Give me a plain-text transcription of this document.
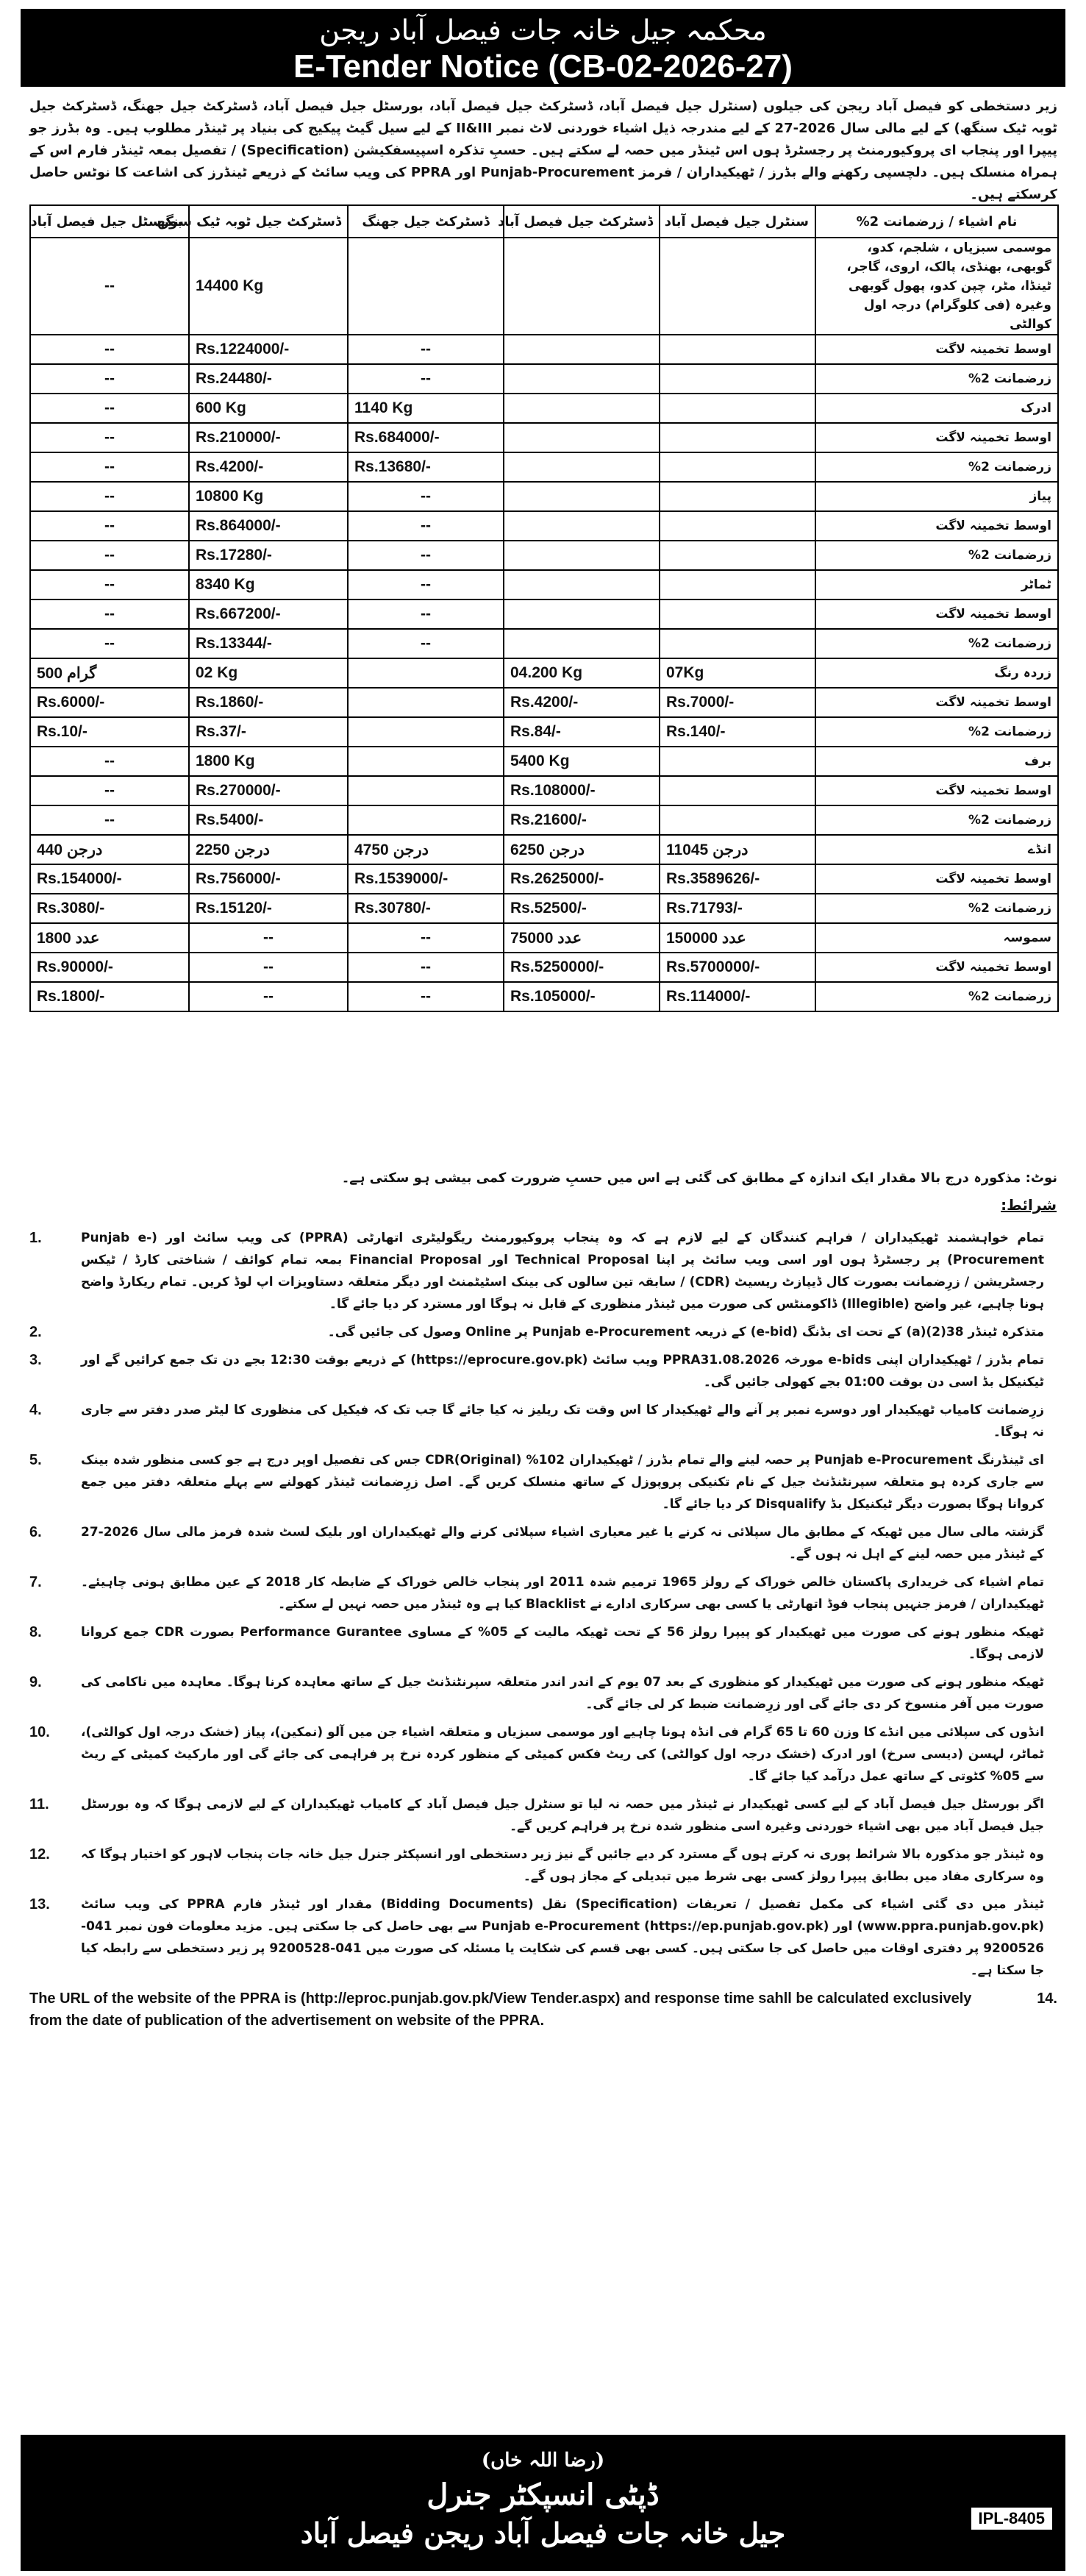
محکمہ جیل خانہ جات فیصل آباد ریجن
E-Tender Notice (CB-02-2026-27)
زیر دستخطی کو فیصل آباد ریجن کی جیلوں (سنٹرل جیل فیصل آباد، ڈسٹرکٹ جیل فیصل آباد، بورسٹل جیل فیصل آباد، ڈسٹرکٹ جیل جھنگ، ڈسٹرکٹ جیل ٹوبہ ٹیک سنگھ) کے لیے مالی سال 2026-27 کے لیے مندرجہ ذیل اشیاء خوردنی لاٹ نمبر II&III کے لیے سیل گیٹ پیکیج کی بنیاد پر ٹینڈر مطلوب ہیں۔ وہ بڈرز جو پیپرا اور پنجاب ای پروکیورمنٹ پر رجسٹرڈ ہوں اس ٹینڈر میں حصہ لے سکتے ہیں۔ حسبِ تذکرہ اسپیسفکیشن (Specification) / تفصیل بمعہ ٹینڈر فارم اس کے ہمراہ منسلک ہیں۔ دلچسپی رکھنے والے بڈرز / ٹھیکیداران / فرمز Punjab-Procurement اور PPRA کی ویب سائٹ کے ذریعے ٹینڈرز کی اشاعت کا نوٹس حاصل کرسکتے ہیں۔
نام اشیاء / زرضمانت 2%	سنٹرل جیل فیصل آباد	ڈسٹرکٹ جیل فیصل آباد	ڈسٹرکٹ جیل جھنگ	ڈسٹرکٹ جیل ٹوبہ ٹیک سنگھ	بورسٹل جیل فیصل آباد
موسمی سبزیاں ، شلجم، کدو، گوبھی، بھنڈی، پالک، اروی، گاجر، ٹینڈا، مٹر، چپن کدو، پھول گوبھی وغیرہ (فی کلوگرام) درجہ اول کوالٹی				14400 Kg	--
اوسط تخمینہ لاگت			--	Rs.1224000/-	--
زرضمانت 2%			--	Rs.24480/-	--
ادرک			1140 Kg	600 Kg	--
اوسط تخمینہ لاگت			Rs.684000/-	Rs.210000/-	--
زرضمانت 2%			Rs.13680/-	Rs.4200/-	--
پیاز			--	10800 Kg	--
اوسط تخمینہ لاگت			--	Rs.864000/-	--
زرضمانت 2%			--	Rs.17280/-	--
ٹماٹر			--	8340 Kg	--
اوسط تخمینہ لاگت			--	Rs.667200/-	--
زرضمانت 2%			--	Rs.13344/-	--
زردہ رنگ	07Kg	04.200 Kg		02 Kg	500 گرام
اوسط تخمینہ لاگت	Rs.7000/-	Rs.4200/-		Rs.1860/-	Rs.6000/-
زرضمانت 2%	Rs.140/-	Rs.84/-		Rs.37/-	Rs.10/-
برف		5400 Kg		1800 Kg	--
اوسط تخمینہ لاگت		Rs.108000/-		Rs.270000/-	--
زرضمانت 2%		Rs.21600/-		Rs.5400/-	--
انڈے	11045 درجن	6250 درجن	4750 درجن	2250 درجن	440 درجن
اوسط تخمینہ لاگت	Rs.3589626/-	Rs.2625000/-	Rs.1539000/-	Rs.756000/-	Rs.154000/-
زرضمانت 2%	Rs.71793/-	Rs.52500/-	Rs.30780/-	Rs.15120/-	Rs.3080/-
سموسہ	150000 عدد	75000 عدد	--	--	1800 عدد
اوسط تخمینہ لاگت	Rs.5700000/-	Rs.5250000/-	--	--	Rs.90000/-
زرضمانت 2%	Rs.114000/-	Rs.105000/-	--	--	Rs.1800/-
نوٹ: مذکورہ درج بالا مقدار ایک اندازہ کے مطابق کی گئی ہے اس میں حسبِ ضرورت کمی بیشی ہو سکتی ہے۔
شرائط:
تمام خواہشمند ٹھیکیداران / فراہم کنندگان کے لیے لازم ہے کہ وہ پنجاب پروکیورمنٹ ریگولیٹری اتھارٹی (PPRA) کی ویب سائٹ اور (Punjab e-Procurement) پر رجسٹرڈ ہوں اور اسی ویب سائٹ پر اپنا Technical Proposal اور Financial Proposal بمعہ تمام کوائف / شناختی کارڈ / ٹیکس رجسٹریشن / زرِضمانت بصورت کال ڈیپازٹ ریسیٹ (CDR) / سابقہ تین سالوں کی بینک اسٹیٹمنٹ اور دیگر متعلقہ دستاویزات اپ لوڈ کریں۔ تمام ریکارڈ واضح ہونا چاہیے، غیر واضح (Illegible) ڈاکومنٹس کی صورت میں ٹینڈر منظوری کے قابل نہ ہوگا اور مسترد کر دیا جائے گا۔
1.
متذکرہ ٹینڈر 38(2)(a) کے تحت ای بڈنگ (e-bid) کے ذریعہ Punjab e-Procurement پر Online وصول کی جائیں گی۔
2.
تمام بڈرز / ٹھیکیداران اپنی e-bids مورخہ PPRA31.08.2026 ویب سائٹ (https://eprocure.gov.pk) کے ذریعے بوقت 12:30 بجے دن تک جمع کرائیں گے اور ٹیکنیکل بڈ اسی دن بوقت 01:00 بجے کھولی جائیں گی۔
3.
زرِضمانت کامیاب ٹھیکیدار اور دوسرے نمبر پر آنے والے ٹھیکیدار کا اس وقت تک ریلیز نہ کیا جائے گا جب تک کہ فیکیل کی منظوری کا لیٹر صدر دفتر سے جاری نہ ہوگا۔
4.
ای ٹینڈرنگ Punjab e-Procurement پر حصہ لینے والے تمام بڈرز / ٹھیکیداران 102% CDR(Original) جس کی تفصیل اوپر درج ہے جو کسی منظور شدہ بینک سے جاری کردہ ہو متعلقہ سپرنٹنڈنٹ جیل کے نام تکنیکی پروپوزل کے ساتھ منسلک کریں گے۔ اصل زرِضمانت ٹینڈر کھولنے سے پہلے متعلقہ دفتر میں جمع کروانا ہوگا بصورت دیگر ٹیکنیکل بڈ Disqualify کر دیا جائے گا۔
5.
گزشتہ مالی سال میں ٹھیکہ کے مطابق مال سپلائی نہ کرنے یا غیر معیاری اشیاء سپلائی کرنے والے ٹھیکیداران اور بلیک لسٹ شدہ فرمز مالی سال 2026-27 کے ٹینڈر میں حصہ لینے کے اہل نہ ہوں گے۔
6.
تمام اشیاء کی خریداری پاکستان خالص خوراک کے رولز 1965 ترمیم شدہ 2011 اور پنجاب خالص خوراک کے ضابطہ کار 2018 کے عین مطابق ہونی چاہیئے۔ ٹھیکیداران / فرمز جنہیں پنجاب فوڈ اتھارٹی یا کسی بھی سرکاری ادارے نے Blacklist کیا ہے وہ ٹینڈر میں حصہ نہیں لے سکتے۔
7.
ٹھیکہ منظور ہونے کی صورت میں ٹھیکیدار کو پیپرا رولز 56 کے تحت ٹھیکہ مالیت کے 05% کے مساوی Performance Gurantee بصورت CDR جمع کروانا لازمی ہوگا۔
8.
ٹھیکہ منظور ہونے کی صورت میں ٹھیکیدار کو منظوری کے بعد 07 یوم کے اندر اندر متعلقہ سپرنٹنڈنٹ جیل کے ساتھ معاہدہ کرنا ہوگا۔ معاہدہ میں ناکامی کی صورت میں آفر منسوخ کر دی جائے گی اور زرِضمانت ضبط کر لی جائے گی۔
9.
انڈوں کی سپلائی میں انڈے کا وزن 60 تا 65 گرام فی انڈہ ہونا چاہیے اور موسمی سبزیاں و متعلقہ اشیاء جن میں آلو (نمکین)، پیاز (خشک درجہ اول کوالٹی)، ٹماٹر، لہسن (دیسی سرخ) اور ادرک (خشک درجہ اول کوالٹی) کی ریٹ فکس کمیٹی کے منظور کردہ نرخ پر فراہمی کی جائے گی اور مارکیٹ کمیٹی کے ریٹ سے 05% کٹوتی کے ساتھ عمل درآمد کیا جائے گا۔
10.
اگر بورسٹل جیل فیصل آباد کے لیے کسی ٹھیکیدار نے ٹینڈر میں حصہ نہ لیا تو سنٹرل جیل فیصل آباد کے کامیاب ٹھیکیداران کے لیے لازمی ہوگا کہ وہ بورسٹل جیل فیصل آباد میں بھی اشیاء خوردنی وغیرہ اسی منظور شدہ نرخ پر فراہم کریں گے۔
11.
وہ ٹینڈر جو مذکورہ بالا شرائط پوری نہ کرتے ہوں گے مسترد کر دیے جائیں گے نیز زیر دستخطی اور انسپکٹر جنرل جیل خانہ جات پنجاب لاہور کو اختیار ہوگا کہ وہ سرکاری مفاد میں بطابق پیپرا رولز کسی بھی شرط میں تبدیلی کے مجاز ہوں گے۔
12.
ٹینڈر میں دی گئی اشیاء کی مکمل تفصیل / تعریفات (Specification) نقل (Bidding Documents) مقدار اور ٹینڈر فارم PPRA کی ویب سائٹ (www.ppra.punjab.gov.pk) اور Punjab e-Procurement (https://ep.punjab.gov.pk) سے بھی حاصل کی جا سکتی ہیں۔ مزید معلومات فون نمبر 041-9200526 پر دفتری اوقات میں حاصل کی جا سکتی ہیں۔ کسی بھی قسم کی شکایت یا مسئلہ کی صورت میں 041-9200528 پر زیر دستخطی سے رابطہ کیا جا سکتا ہے۔
13.
The URL of the website of the PPRA is (http://eproc.punjab.gov.pk/View Tender.aspx) and response time sahll be calculated exclusively from the date of publication of the advertisement on website of the PPRA.
14.
(رضا اللہ خاں)
ڈپٹی انسپکٹر جنرل
جیل خانہ جات فیصل آباد ریجن فیصل آباد	IPL-8405
